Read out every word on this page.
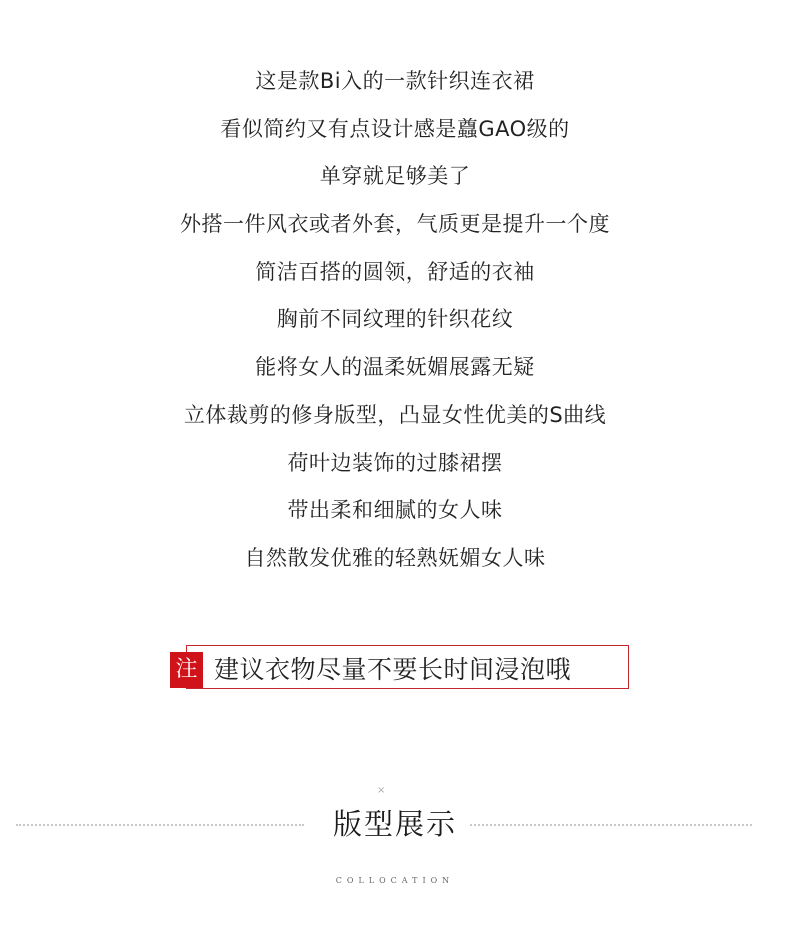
这是款Bi入的一款针织连衣裙
看似简约又有点设计感是蠤GAO级的
单穿就足够美了
外搭一件风衣或者外套，气质更是提升一个度
简洁百搭的圆领，舒适的衣袖
胸前不同纹理的针织花纹
能将女人的温柔妩媚展露无疑
立体裁剪的修身版型，凸显女性优美的S曲线
荷叶边装饰的过膝裙摆
带出柔和细腻的女人味
自然散发优雅的轻熟妩媚女人味
注 建议衣物尽量不要长时间浸泡哦
×
版型展示
COLLOCATION
